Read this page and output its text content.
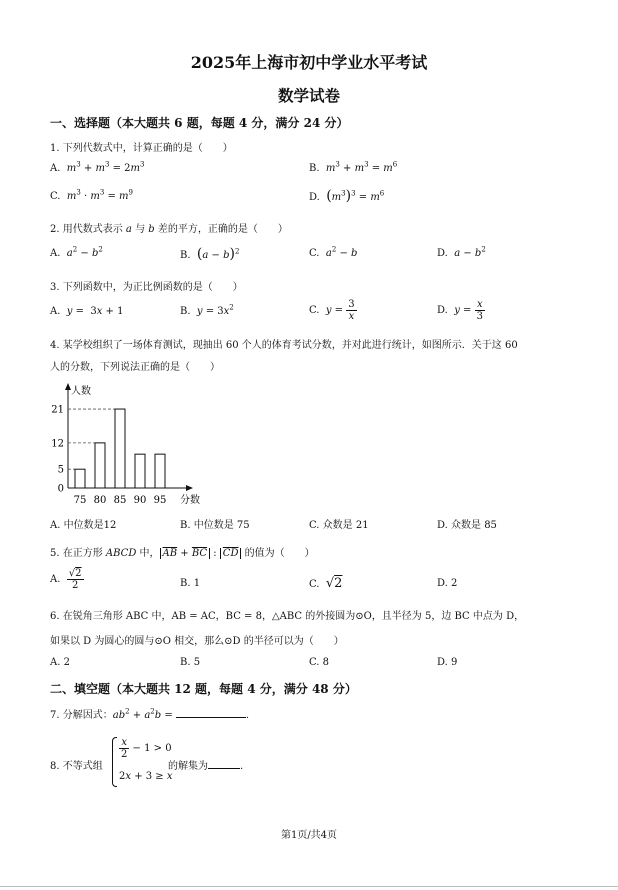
2025年上海市初中学业水平考试
数学试卷
一、选择题（本大题共 6 题，每题 4 分，满分 24 分）
1. 下列代数式中，计算正确的是（　　）
A.  $m^3 + m^3 = 2m^3$	B.  $m^3 + m^3 = m^6$
C.  $m^3 \cdot m^3 = m^9$	D.  $(m^3)^3 = m^6$
2. 用代数式表示 a 与 b 差的平方，正确的是（　　）
A.  $a^2 - b^2$
B.  $(a - b)^2$	C.  $a^2 - b$	D.  $a - b^2$
3. 下列函数中，为正比例函数的是（　　）
A.  y =  3x + 1	B.  $y = 3x^2$	C.  $y = \frac{3}{x}$	D.  $y = \frac{x}{3}$
4. 某学校组织了一场体育测试，现抽出 60 个人的体育考试分数，并对此进行统计，如图所示．关于这 60
人的分数，下列说法正确的是（　　）
人数
分数
0
5
12
21
75 80 85 90 95
A. 中位数是12	B. 中位数是 75	C. 众数是 21	D. 众数是 85
5. 在正方形 ABCD 中， $\overline{AB} + \overline{BC}$ : $\overline{CD}$ 的值为（　　）
A. $\frac{√2}{2}$	B. 1	C.  √2	D. 2
6. 在锐角三角形 ABC 中，AB = AC，BC = 8，△ABC 的外接圆为⊙O，且半径为 5，边 BC 中点为 D，
如果以 D 为圆心的圆与⊙O 相交，那么⊙D 的半径可以为（　　）
A. 2	B. 5	C. 8	D. 9
二、填空题（本大题共 12 题，每题 4 分，满分 48 分）
7. 分解因式：$ab^2 + a^2b$ =	.
8. 不等式组
$\frac{x}{2} - 1 > 0$
2x + 3 ≥ x
的解集为	.
第1页/共4页
